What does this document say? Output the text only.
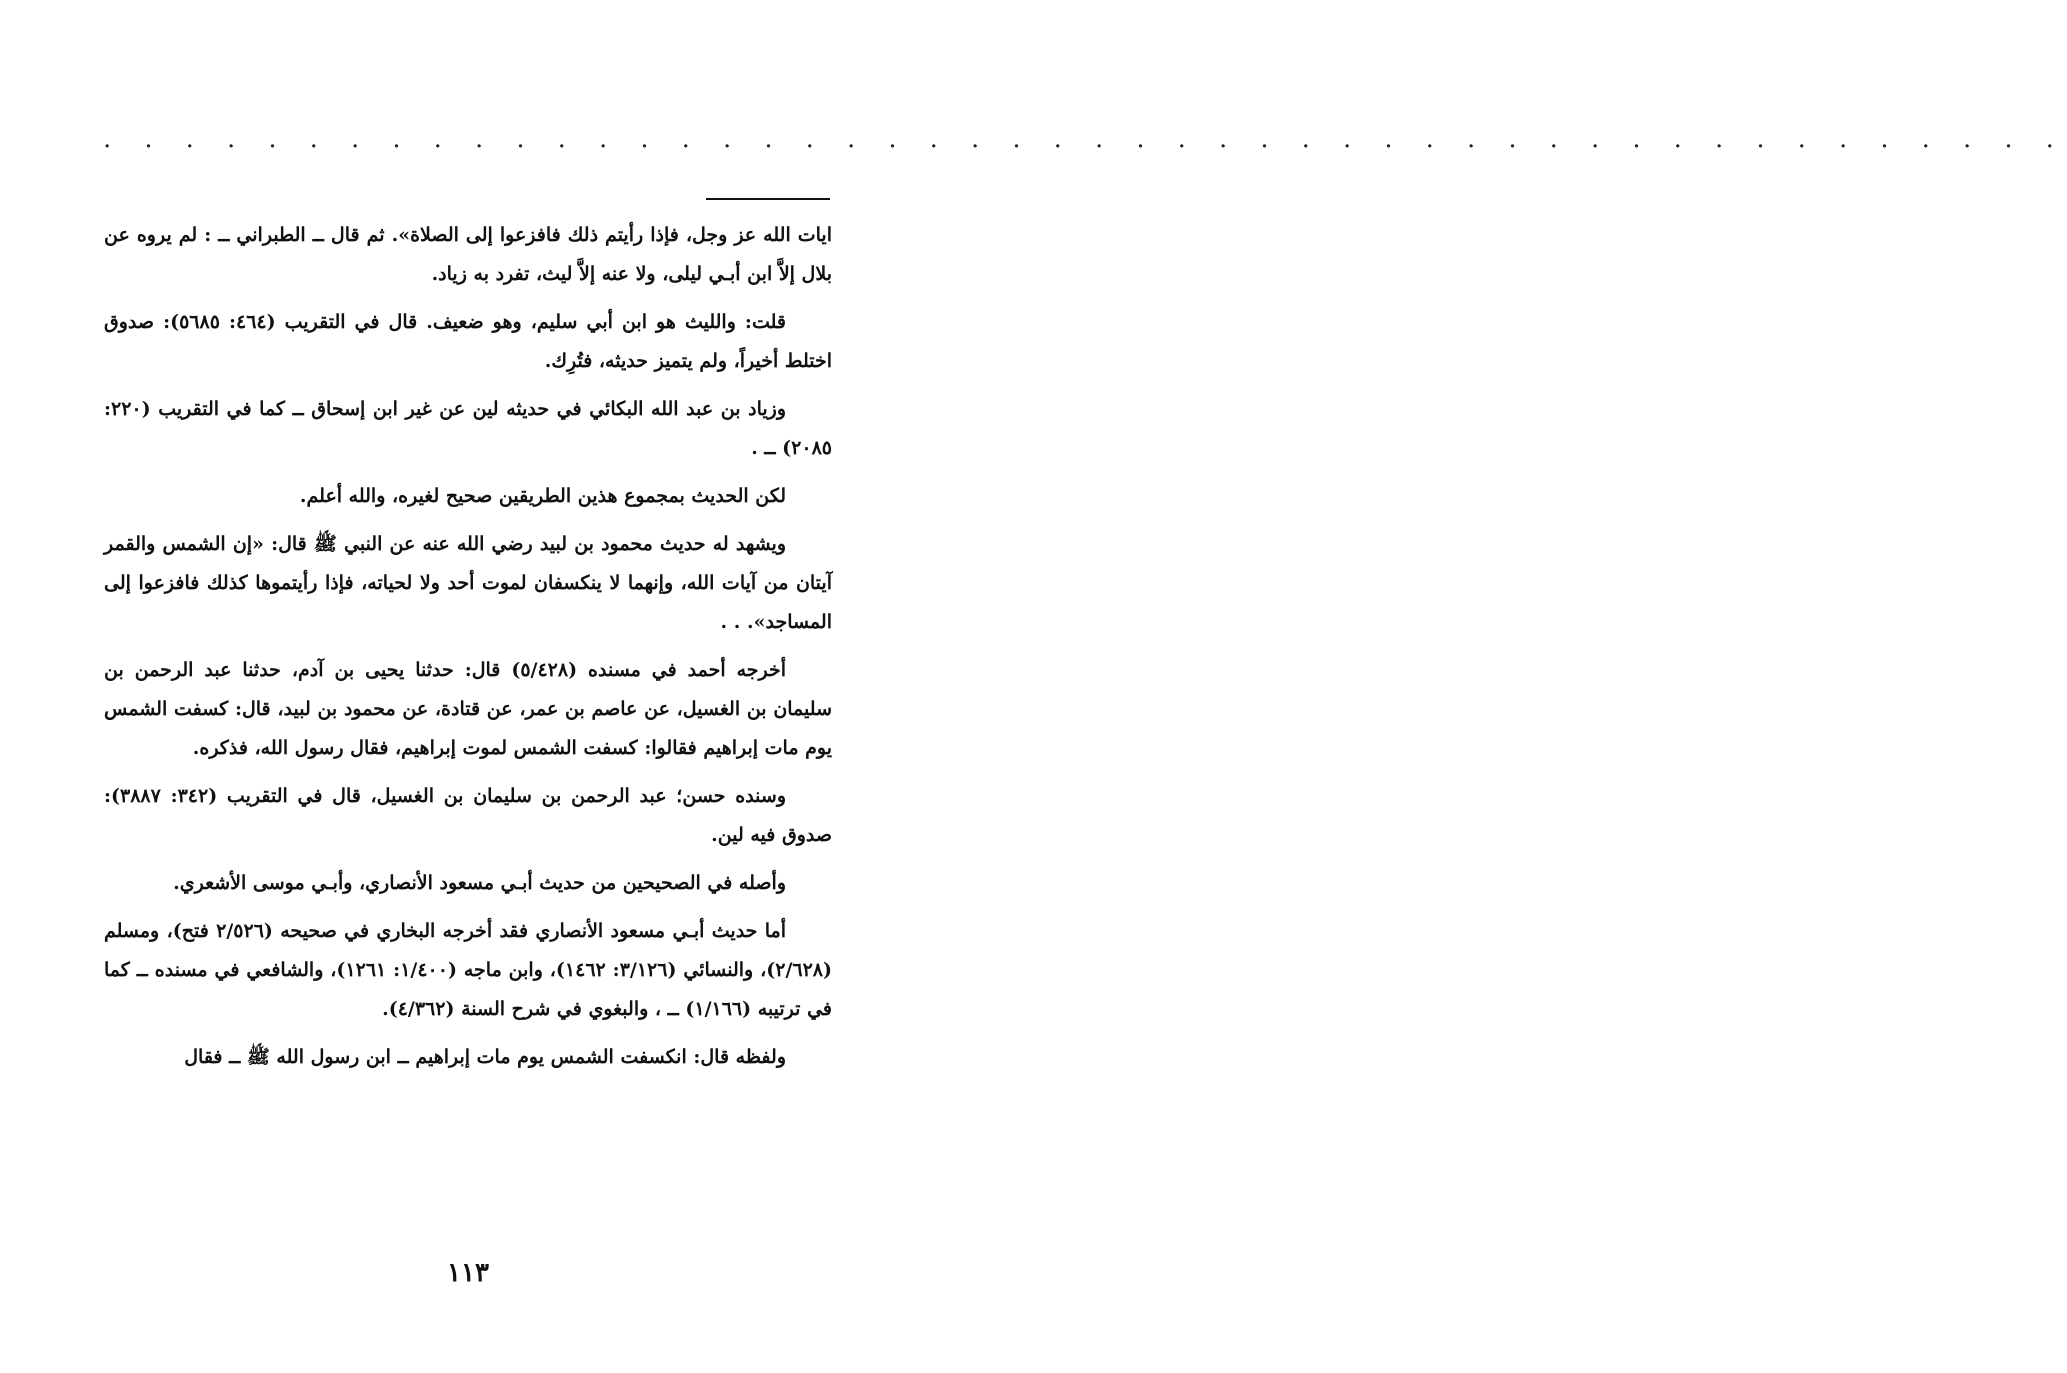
· · · · · · · · · · · · · · · · · · · · · · · · · · · · · · · · · · · · · · · · · · · · · · · ·

ايات الله عز وجل، فإذا رأيتم ذلك فافزعوا إلى الصلاة». ثم قال ــ الطبراني ــ : لم يروه عن بلال إلاَّ ابن أبـي ليلى، ولا عنه إلاَّ ليث، تفرد به زياد.

قلت: والليث هو ابن أبي سليم، وهو ضعيف. قال في التقريب (٤٦٤: ٥٦٨٥): صدوق اختلط أخيراً، ولم يتميز حديثه، فتُرِك.

وزياد بن عبد الله البكائي في حديثه لين عن غير ابن إسحاق ــ كما في التقريب (٢٢٠: ٢٠٨٥) ــ .

لكن الحديث بمجموع هذين الطريقين صحيح لغيره، والله أعلم.

ويشهد له حديث محمود بن لبيد رضي الله عنه عن النبي ﷺ قال: «إن الشمس والقمر آيتان من آيات الله، وإنهما لا ينكسفان لموت أحد ولا لحياته، فإذا رأيتموها كذلك فافزعوا إلى المساجد». . .

أخرجه أحمد في مسنده (٥/٤٢٨) قال: حدثنا يحيى بن آدم، حدثنا عبد الرحمن بن سليمان بن الغسيل، عن عاصم بن عمر، عن قتادة، عن محمود بن لبيد، قال: كسفت الشمس يوم مات إبراهيم فقالوا: كسفت الشمس لموت إبراهيم، فقال رسول الله، فذكره.

وسنده حسن؛ عبد الرحمن بن سليمان بن الغسيل، قال في التقريب (٣٤٢: ٣٨٨٧): صدوق فيه لين.

وأصله في الصحيحين من حديث أبـي مسعود الأنصاري، وأبـي موسى الأشعري.

أما حديث أبـي مسعود الأنصاري فقد أخرجه البخاري في صحيحه (٢/٥٢٦ فتح)، ومسلم (٢/٦٢٨)، والنسائي (٣/١٢٦: ١٤٦٢)، وابن ماجه (١/٤٠٠: ١٢٦١)، والشافعي في مسنده ــ كما في ترتيبه (١/١٦٦) ــ ، والبغوي في شرح السنة (٤/٣٦٢).

ولفظه قال: انكسفت الشمس يوم مات إبراهيم ــ ابن رسول الله ﷺ ــ فقال

١١٣
